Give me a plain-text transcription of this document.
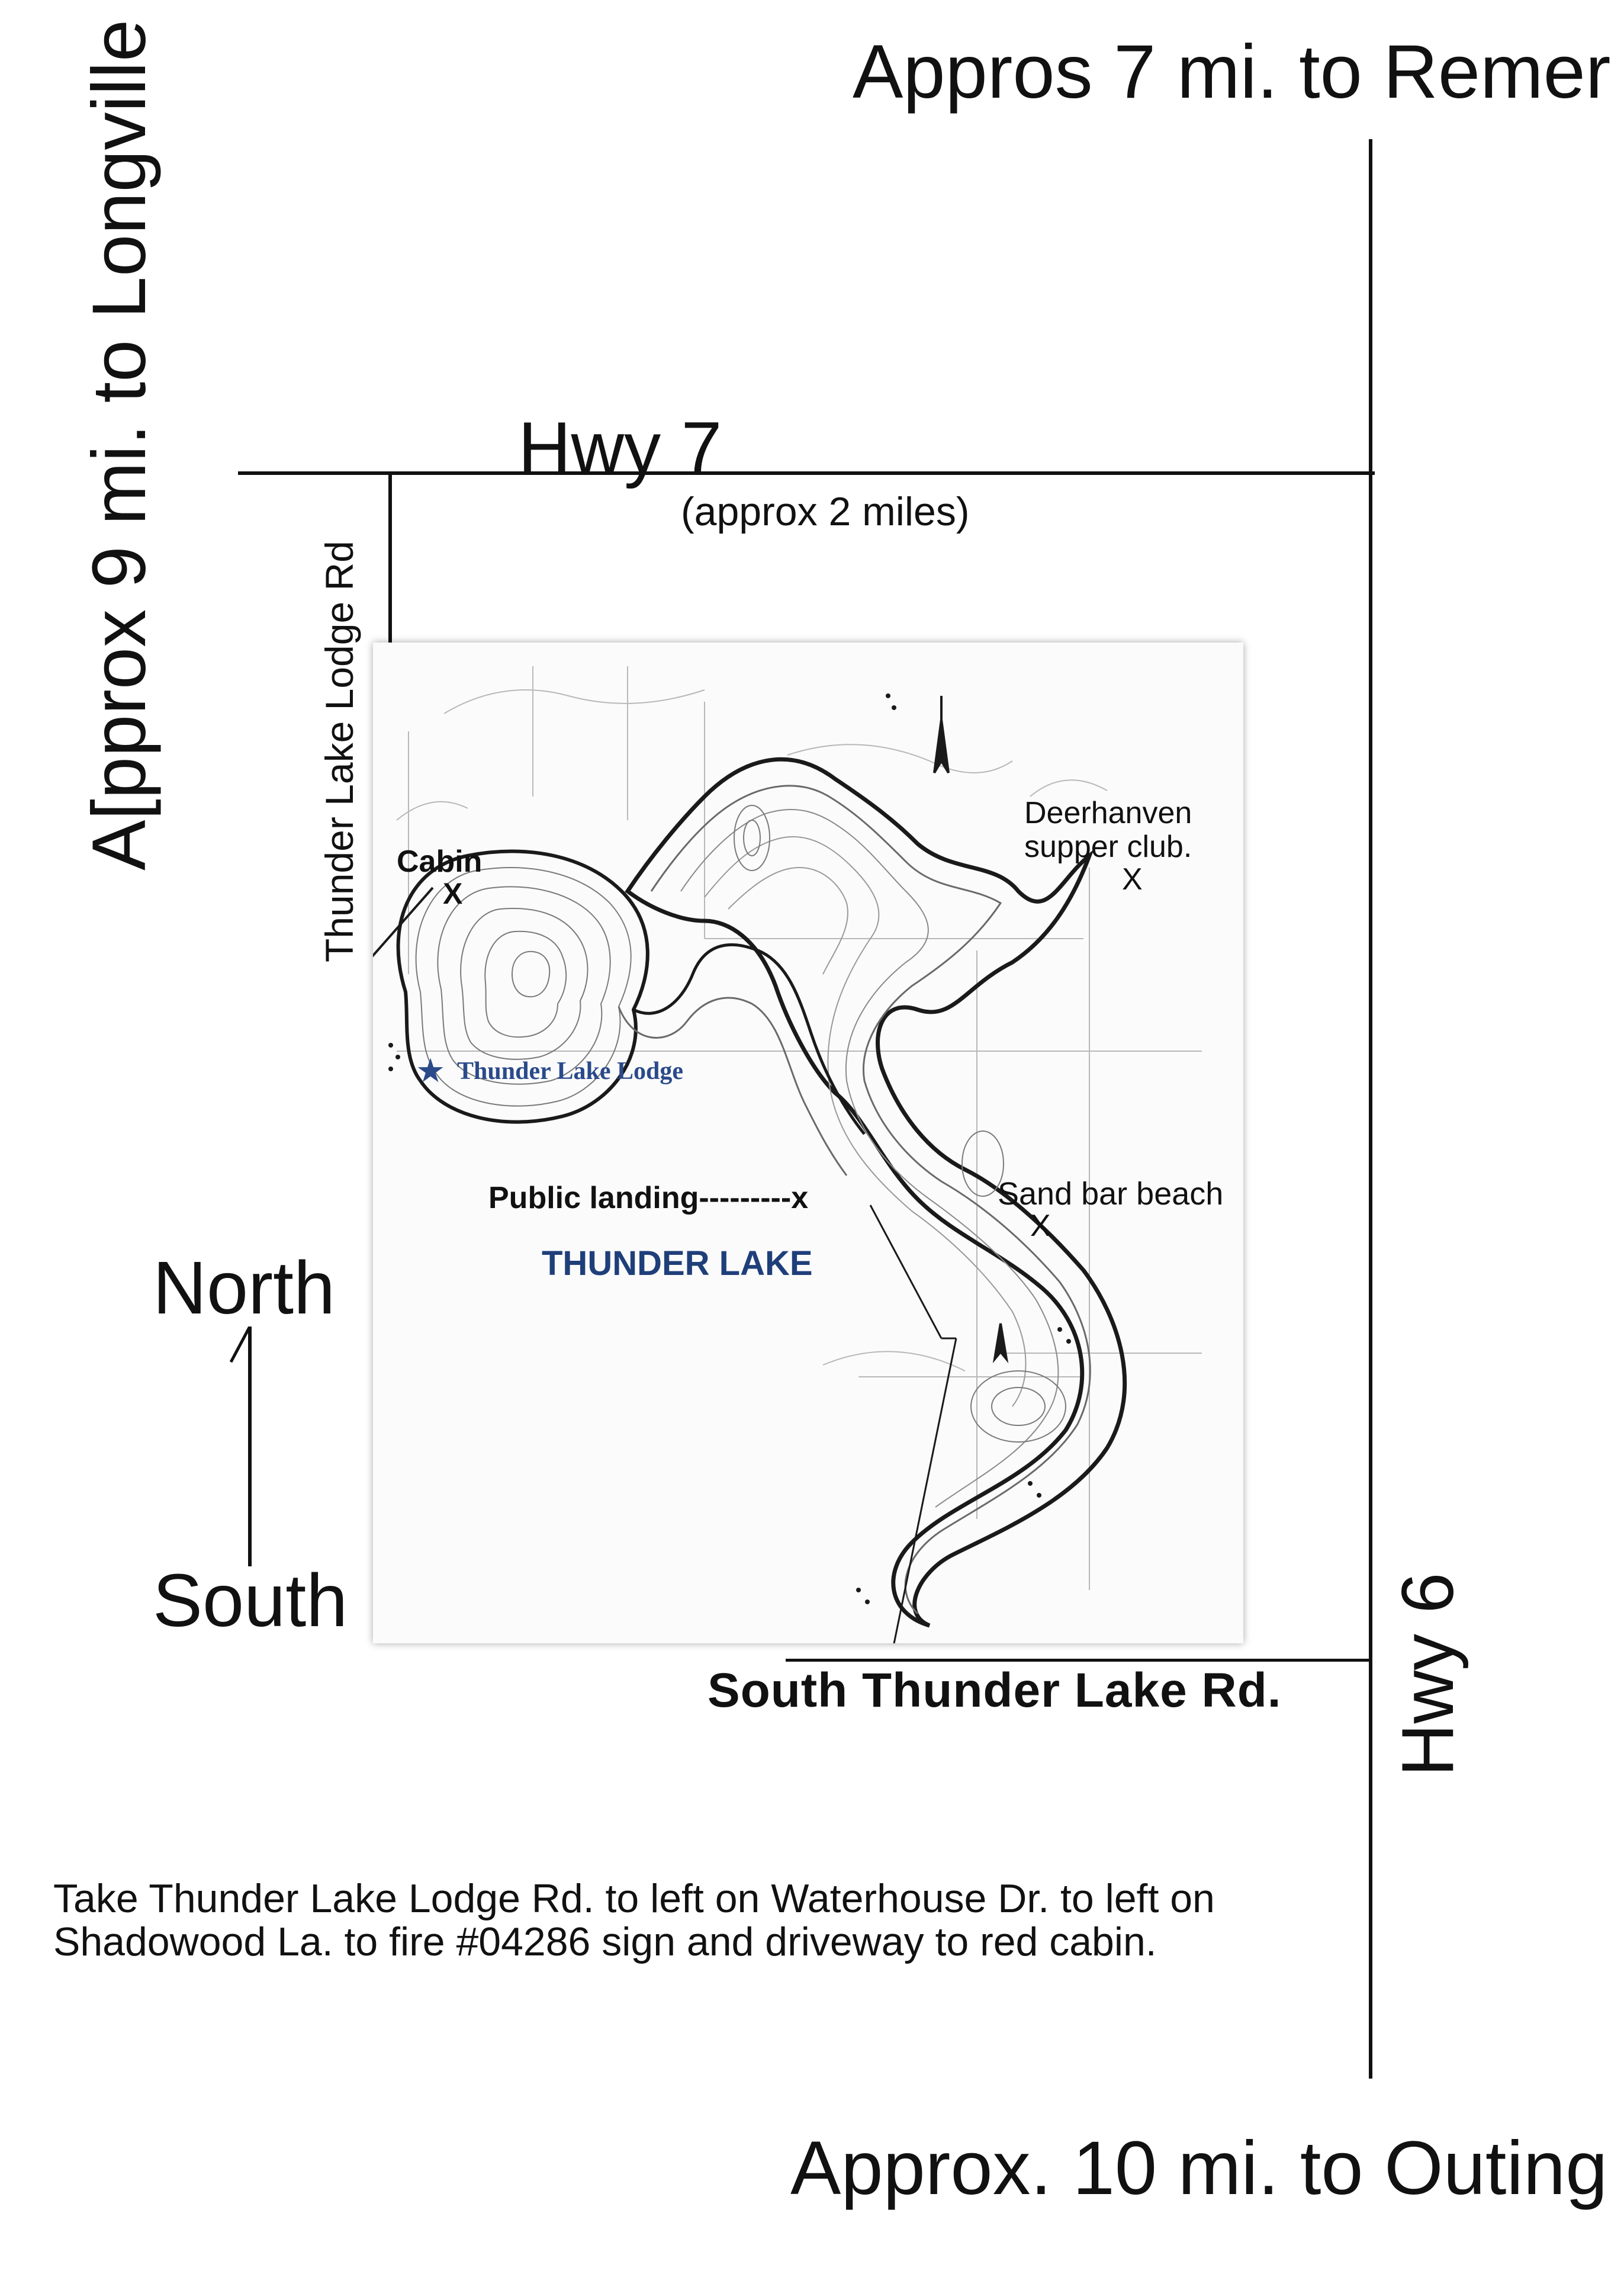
Appros 7 mi. to Remer
Approx. 10 mi. to Outing
A[pprox 9 mi. to Longville	Hwy 7
(approx 2 miles)
Hwy 6
Thunder Lake Lodge Rd
South Thunder Lake Rd.
North
South
Cabin
X
★ Thunder Lake Lodge
Deerhanven
supper club.
X
Public landing---------x	Sand bar beach
X
THUNDER LAKE
Take Thunder Lake Lodge Rd. to left on Waterhouse Dr. to left on
Shadowood La. to fire #04286 sign and driveway to red cabin.
